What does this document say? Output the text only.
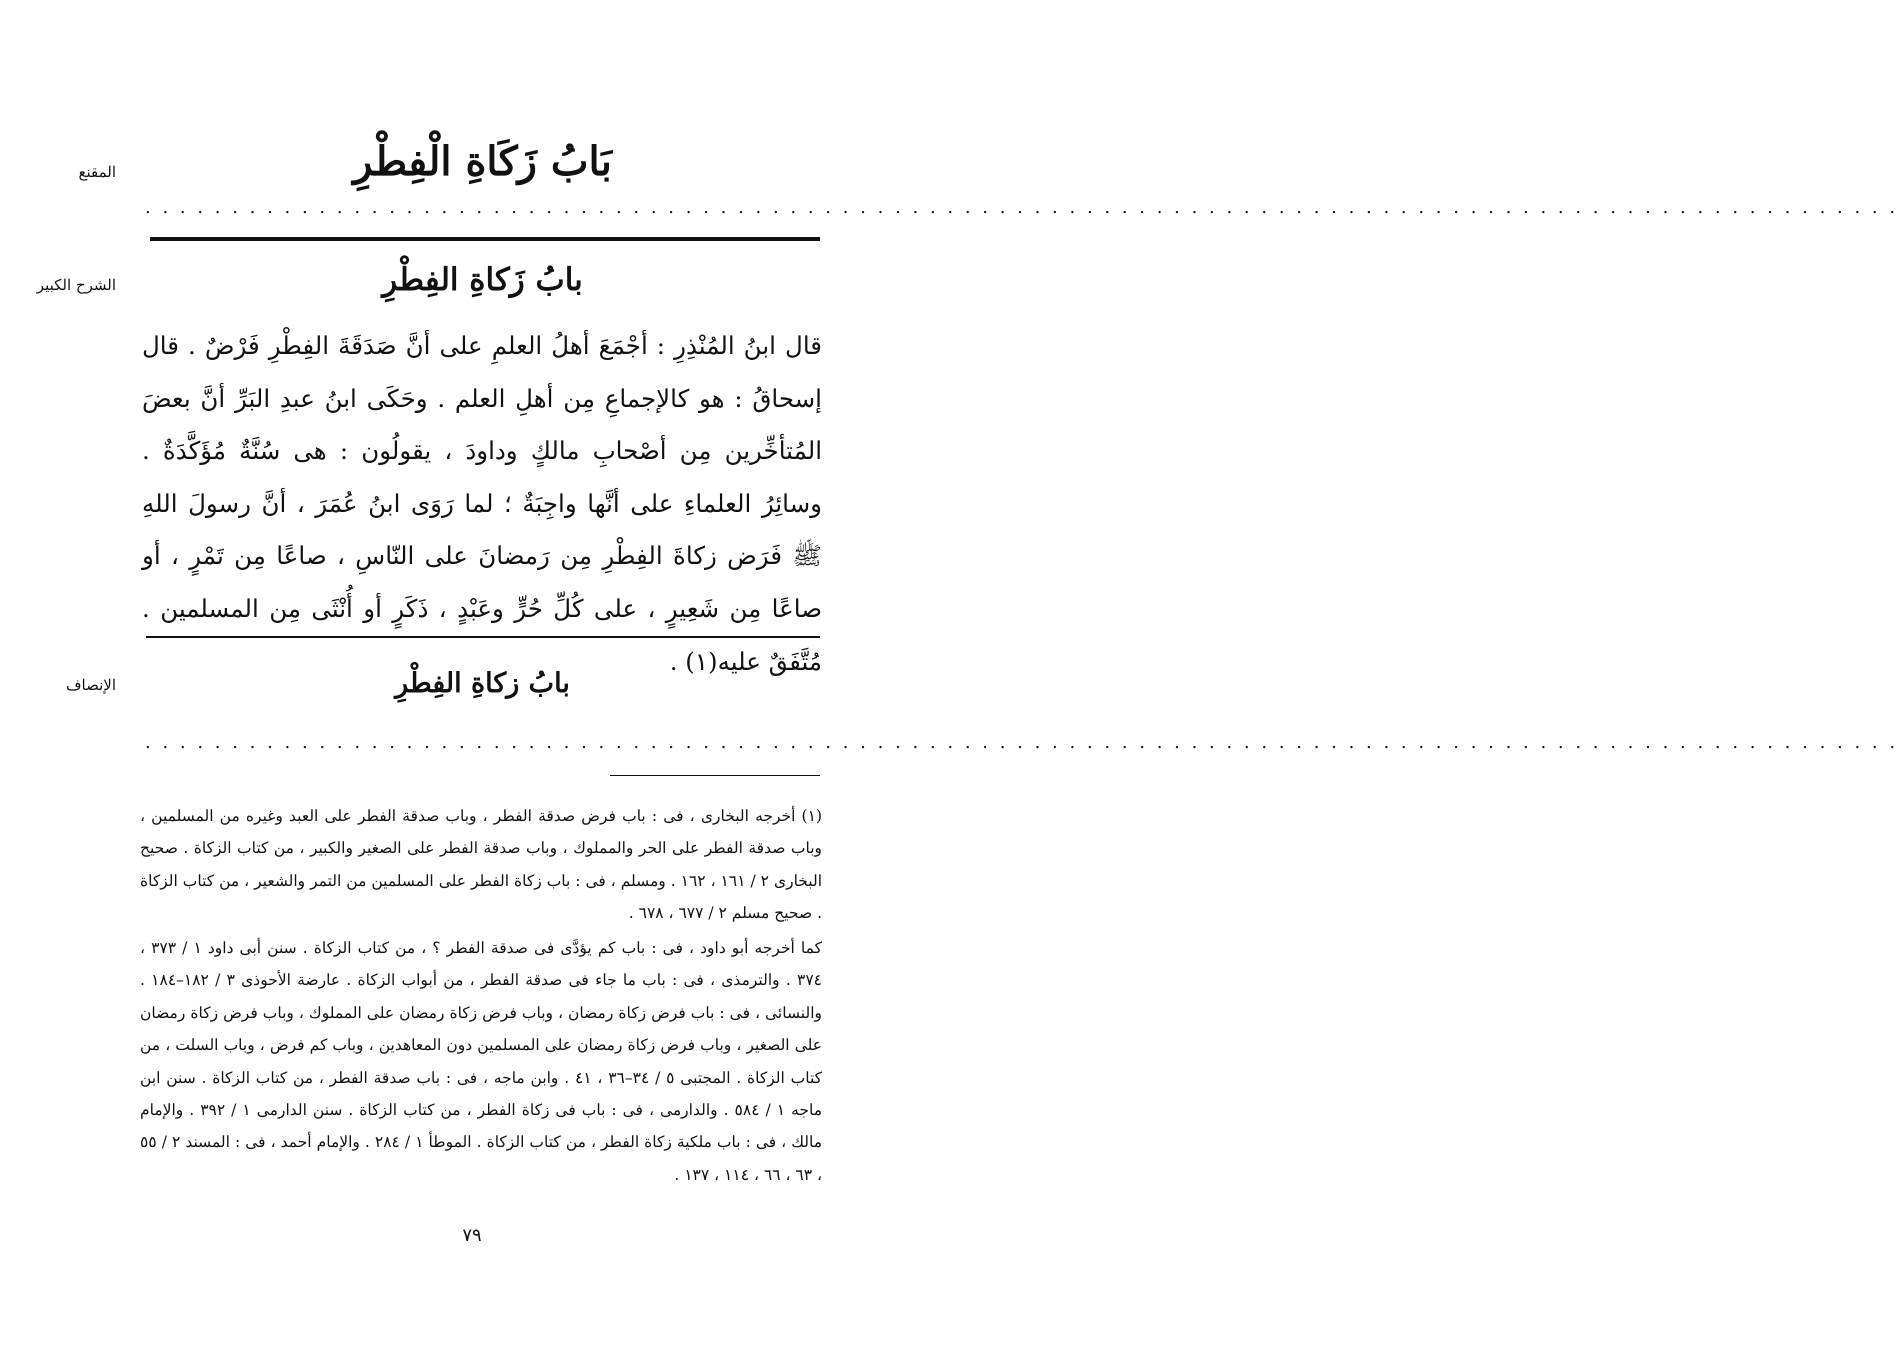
المقنع	بَابُ زَكَاةِ الْفِطْرِ
. . . . . . . . . . . . . . . . . . . . . . . . . . . . . . . . . . . . . . . . . . . . . . . . . . . . . . . . . . . . . . . . . . . . . . . . . . . . . . . . . . . . . . . . . . . . . . . . . . . . .
الشرح الكبير	بابُ زَكاةِ الفِطْرِ

قال ابنُ المُنْذِرِ : أجْمَعَ أهلُ العلمِ على أنَّ صَدَقَةَ الفِطْرِ فَرْضٌ . قال إسحاقُ : هو كالإجماعِ مِن أهلِ العلم . وحَكَى ابنُ عبدِ البَرِّ أنَّ بعضَ المُتأخِّرين مِن أصْحابِ مالكٍ وداودَ ، يقولُون : هى سُنَّةٌ مُؤَكَّدَةٌ . وسائِرُ العلماءِ على أنَّها واجِبَةٌ ؛ لما رَوَى ابنُ عُمَرَ ، أنَّ رسولَ اللهِ ﷺ فَرَض زكاةَ الفِطْرِ مِن رَمضانَ على النّاسِ ، صاعًا مِن تَمْرٍ ، أو صاعًا مِن شَعِيرٍ ، على كُلِّ حُرٍّ وعَبْدٍ ، ذَكَرٍ أو أُنْثَى مِن المسلمين . مُتَّفَقٌ عليه(١) .

الإنصاف	بابُ زكاةِ الفِطْرِ
. . . . . . . . . . . . . . . . . . . . . . . . . . . . . . . . . . . . . . . . . . . . . . . . . . . . . . . . . . . . . . . . . . . . . . . . . . . . . . . . . . . . . . . . . . . . . . . . . . . . .

(١) أخرجه البخارى ، فى : باب فرض صدقة الفطر ، وباب صدقة الفطر على العبد وغيره من المسلمين ، وباب صدقة الفطر على الحر والمملوك ، وباب صدقة الفطر على الصغير والكبير ، من كتاب الزكاة . صحيح البخارى ٢ / ١٦١ ، ١٦٢ . ومسلم ، فى : باب زكاة الفطر على المسلمين من التمر والشعير ، من كتاب الزكاة . صحيح مسلم ٢ / ٦٧٧ ، ٦٧٨ .

كما أخرجه أبو داود ، فى : باب كم يؤدَّى فى صدقة الفطر ؟ ، من كتاب الزكاة . سنن أبى داود ١ / ٣٧٣ ، ٣٧٤ . والترمذى ، فى : باب ما جاء فى صدقة الفطر ، من أبواب الزكاة . عارضة الأحوذى ٣ / ١٨٢–١٨٤ . والنسائى ، فى : باب فرض زكاة رمضان ، وباب فرض زكاة رمضان على المملوك ، وباب فرض زكاة رمضان على الصغير ، وباب فرض زكاة رمضان على المسلمين دون المعاهدين ، وباب كم فرض ، وباب السلت ، من كتاب الزكاة . المجتبى ٥ / ٣٤–٣٦ ، ٤١ . وابن ماجه ، فى : باب صدقة الفطر ، من كتاب الزكاة . سنن ابن ماجه ١ / ٥٨٤ . والدارمى ، فى : باب فى زكاة الفطر ، من كتاب الزكاة . سنن الدارمى ١ / ٣٩٢ . والإمام مالك ، فى : باب ملكية زكاة الفطر ، من كتاب الزكاة . الموطأ ١ / ٢٨٤ . والإمام أحمد ، فى : المسند ٢ / ٥٥ ، ٦٣ ، ٦٦ ، ١١٤ ، ١٣٧ .

٧٩
